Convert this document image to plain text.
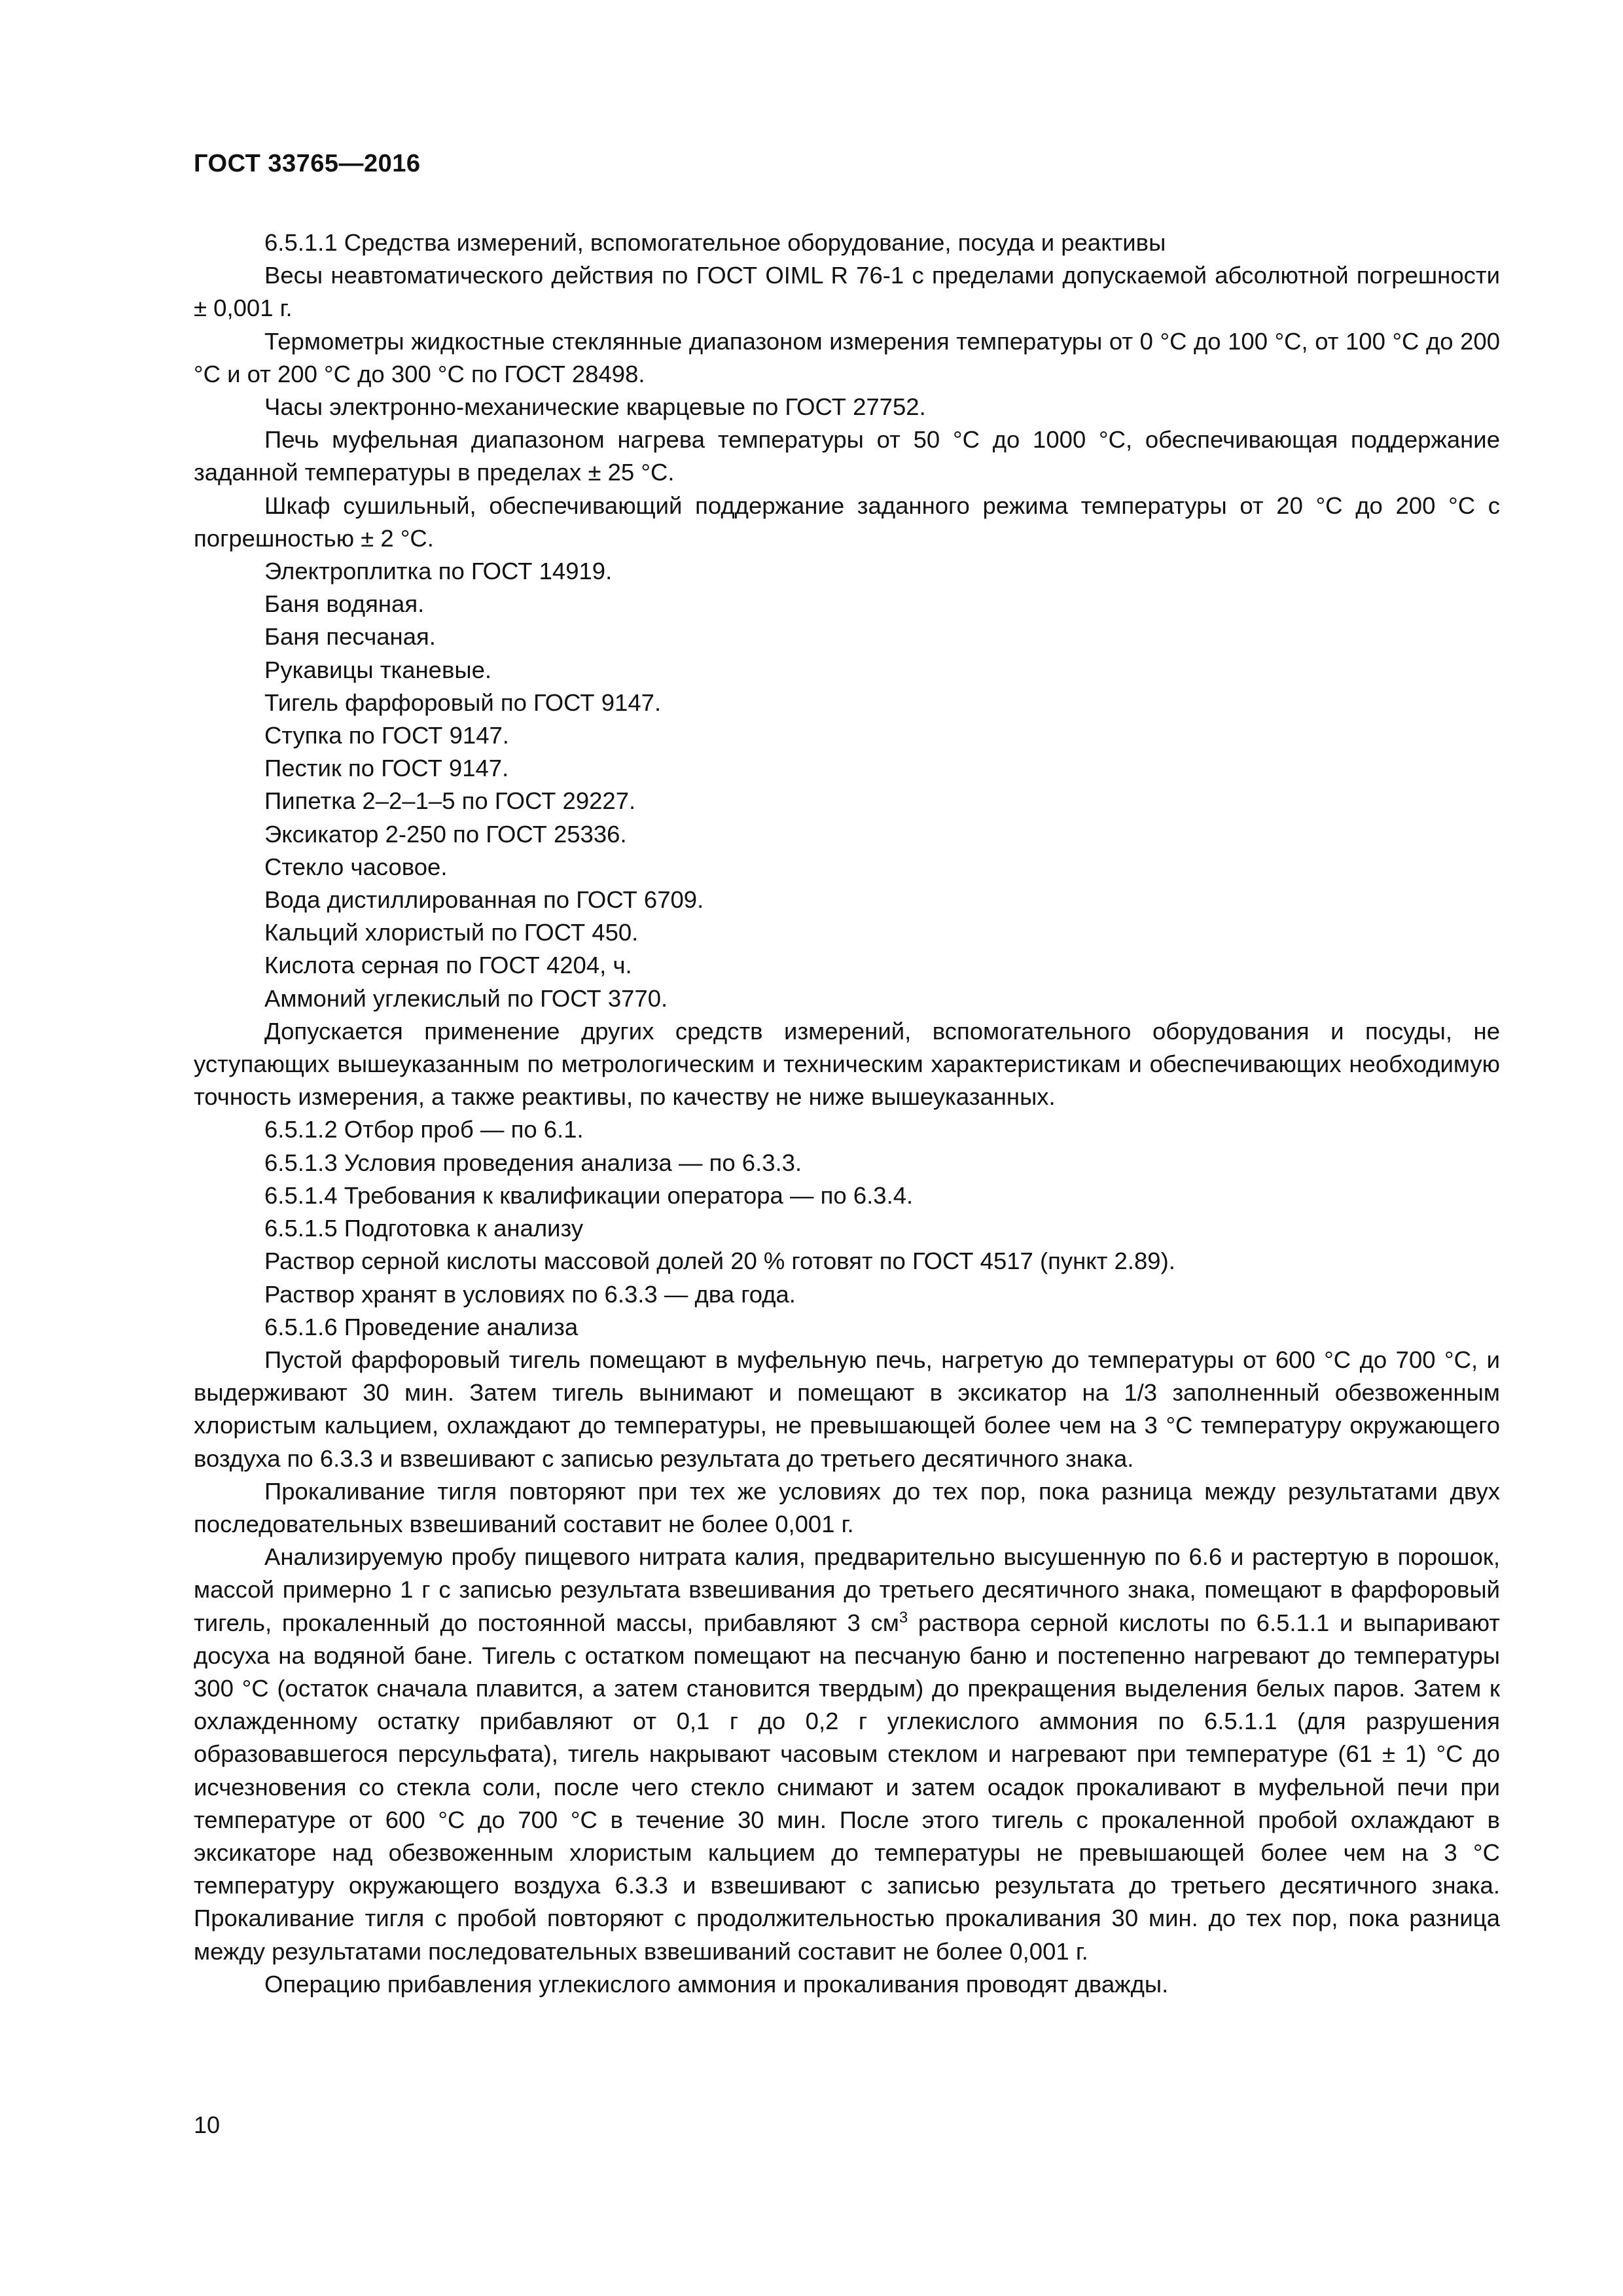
ГОСТ 33765—2016

6.5.1.1 Средства измерений, вспомогательное оборудование, посуда и реактивы

Весы неавтоматического действия по ГОСТ OIML R 76-1 с пределами допускаемой абсолютной погрешности ± 0,001 г.

Термометры жидкостные стеклянные диапазоном измерения температуры от 0 °С до 100 °С, от 100 °С до 200 °С и от 200 °С до 300 °С по ГОСТ 28498.

Часы электронно-механические кварцевые по ГОСТ 27752.

Печь муфельная диапазоном нагрева температуры от 50 °С до 1000 °С, обеспечивающая поддержание заданной температуры в пределах ± 25 °С.

Шкаф сушильный, обеспечивающий поддержание заданного режима температуры от 20 °С до 200 °С с погрешностью ± 2 °С.

Электроплитка по ГОСТ 14919.

Баня водяная.

Баня песчаная.

Рукавицы тканевые.

Тигель фарфоровый по ГОСТ 9147.

Ступка по ГОСТ 9147.

Пестик по ГОСТ 9147.

Пипетка 2–2–1–5 по ГОСТ 29227.

Эксикатор 2-250 по ГОСТ 25336.

Стекло часовое.

Вода дистиллированная по ГОСТ 6709.

Кальций хлористый по ГОСТ 450.

Кислота серная по ГОСТ 4204, ч.

Аммоний углекислый по ГОСТ 3770.

Допускается применение других средств измерений, вспомогательного оборудования и посуды, не уступающих вышеуказанным по метрологическим и техническим характеристикам и обеспечивающих необходимую точность измерения, а также реактивы, по качеству не ниже вышеуказанных.

6.5.1.2 Отбор проб — по 6.1.

6.5.1.3 Условия проведения анализа — по 6.3.3.

6.5.1.4 Требования к квалификации оператора — по 6.3.4.

6.5.1.5 Подготовка к анализу

Раствор серной кислоты массовой долей 20 % готовят по ГОСТ 4517 (пункт 2.89).

Раствор хранят в условиях по 6.3.3 — два года.

6.5.1.6 Проведение анализа

Пустой фарфоровый тигель помещают в муфельную печь, нагретую до температуры от 600 °С до 700 °С, и выдерживают 30 мин. Затем тигель вынимают и помещают в эксикатор на 1/3 заполненный обезвоженным хлористым кальцием, охлаждают до температуры, не превышающей более чем на 3 °С температуру окружающего воздуха по 6.3.3 и взвешивают с записью результата до третьего десятичного знака.

Прокаливание тигля повторяют при тех же условиях до тех пор, пока разница между результатами двух последовательных взвешиваний составит не более 0,001 г.

Анализируемую пробу пищевого нитрата калия, предварительно высушенную по 6.6 и растертую в порошок, массой примерно 1 г с записью результата взвешивания до третьего десятичного знака, помещают в фарфоровый тигель, прокаленный до постоянной массы, прибавляют 3 $см^3$ раствора серной кислоты по 6.5.1.1 и выпаривают досуха на водяной бане. Тигель с остатком помещают на песчаную баню и постепенно нагревают до температуры 300 °С (остаток сначала плавится, а затем становится твердым) до прекращения выделения белых паров. Затем к охлажденному остатку прибавляют от 0,1 г до 0,2 г углекислого аммония по 6.5.1.1 (для разрушения образовавшегося персульфата), тигель накрывают часовым стеклом и нагревают при температуре (61 ± 1) °С до исчезновения со стекла соли, после чего стекло снимают и затем осадок прокаливают в муфельной печи при температуре от 600 °С до 700 °С в течение 30 мин. После этого тигель с прокаленной пробой охлаждают в эксикаторе над обезвоженным хлористым кальцием до температуры не превышающей более чем на 3 °С температуру окружающего воздуха 6.3.3 и взвешивают с записью результата до третьего десятичного знака. Прокаливание тигля с пробой повторяют с продолжительностью прокаливания 30 мин. до тех пор, пока разница между результатами последовательных взвешиваний составит не более 0,001 г.

Операцию прибавления углекислого аммония и прокаливания проводят дважды.

10
